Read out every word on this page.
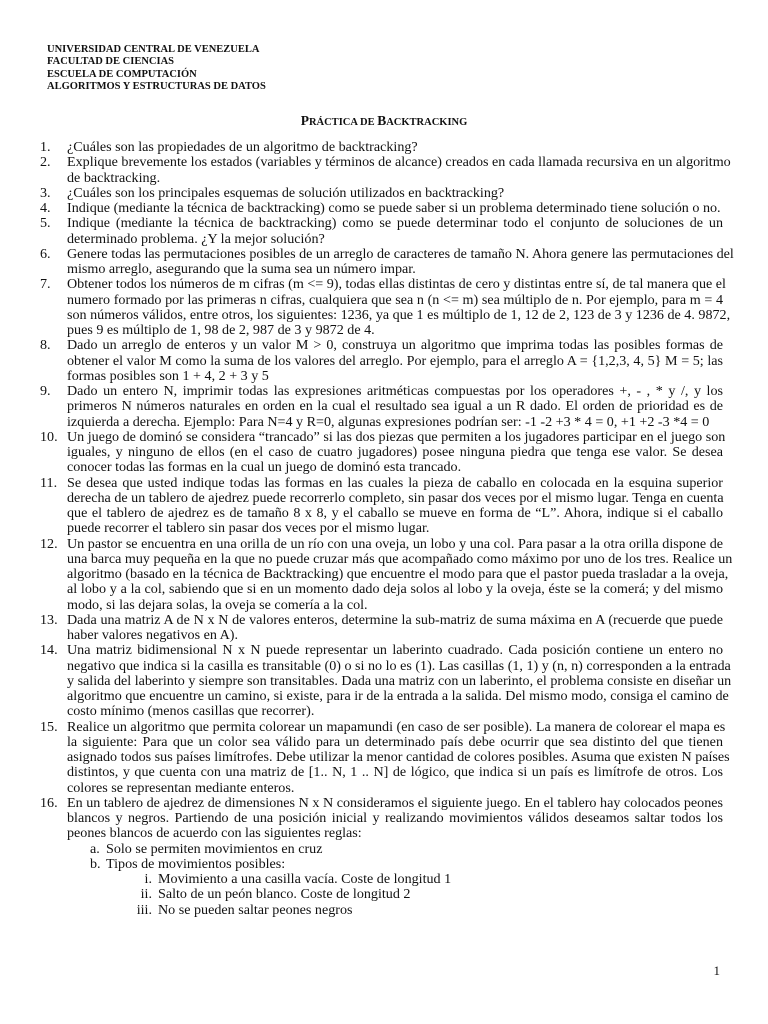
UNIVERSIDAD CENTRAL DE VENEZUELA
FACULTAD DE CIENCIAS
ESCUELA DE COMPUTACIÓN
ALGORITMOS Y ESTRUCTURAS DE DATOS
PRÁCTICA DE BACKTRACKING
1. ¿Cuáles son las propiedades de un algoritmo de backtracking?
2. Explique brevemente los estados (variables y términos de alcance) creados en cada llamada recursiva en un algoritmo
de backtracking.
3. ¿Cuáles son los principales esquemas de solución utilizados en backtracking?
4. Indique (mediante la técnica de backtracking) como se puede saber si un problema determinado tiene solución o no.
5. Indique (mediante la técnica de backtracking) como se puede determinar todo el conjunto de soluciones de un
determinado problema. ¿Y la mejor solución?
6. Genere todas las permutaciones posibles de un arreglo de caracteres de tamaño N. Ahora genere las permutaciones del
mismo arreglo, asegurando que la suma sea un número impar.
7. Obtener todos los números de m cifras (m <= 9), todas ellas distintas de cero y distintas entre sí, de tal manera que el
numero formado por las primeras n cifras, cualquiera que sea n (n <= m) sea múltiplo de n. Por ejemplo, para m = 4
son números válidos, entre otros, los siguientes: 1236, ya que 1 es múltiplo de 1, 12 de 2, 123 de 3 y 1236 de 4. 9872,
pues 9 es múltiplo de 1, 98 de 2, 987 de 3 y 9872 de 4.
8. Dado un arreglo de enteros y un valor M > 0, construya un algoritmo que imprima todas las posibles formas de
obtener el valor M como la suma de los valores del arreglo. Por ejemplo, para el arreglo A = {1,2,3, 4, 5} M = 5; las
formas posibles son 1 + 4, 2 + 3 y 5
9. Dado un entero N, imprimir todas las expresiones aritméticas compuestas por los operadores +, - , * y /, y los
primeros N números naturales en orden en la cual el resultado sea igual a un R dado. El orden de prioridad es de
izquierda a derecha. Ejemplo: Para N=4 y R=0, algunas expresiones podrían ser: -1 -2 +3 * 4 = 0, +1 +2 -3 *4 = 0
10. Un juego de dominó se considera “trancado” si las dos piezas que permiten a los jugadores participar en el juego son
iguales, y ninguno de ellos (en el caso de cuatro jugadores) posee ninguna piedra que tenga ese valor. Se desea
conocer todas las formas en la cual un juego de dominó esta trancado.
11. Se desea que usted indique todas las formas en las cuales la pieza de caballo en colocada en la esquina superior
derecha de un tablero de ajedrez puede recorrerlo completo, sin pasar dos veces por el mismo lugar. Tenga en cuenta
que el tablero de ajedrez es de tamaño 8 x 8, y el caballo se mueve en forma de “L”. Ahora, indique si el caballo
puede recorrer el tablero sin pasar dos veces por el mismo lugar.
12. Un pastor se encuentra en una orilla de un río con una oveja, un lobo y una col. Para pasar a la otra orilla dispone de
una barca muy pequeña en la que no puede cruzar más que acompañado como máximo por uno de los tres. Realice un
algoritmo (basado en la técnica de Backtracking) que encuentre el modo para que el pastor pueda trasladar a la oveja,
al lobo y a la col, sabiendo que si en un momento dado deja solos al lobo y la oveja, éste se la comerá; y del mismo
modo, si las dejara solas, la oveja se comería a la col.
13. Dada una matriz A de N x N de valores enteros, determine la sub-matriz de suma máxima en A (recuerde que puede
haber valores negativos en A).
14. Una matriz bidimensional N x N puede representar un laberinto cuadrado. Cada posición contiene un entero no
negativo que indica si la casilla es transitable (0) o si no lo es (1). Las casillas (1, 1) y (n, n) corresponden a la entrada
y salida del laberinto y siempre son transitables. Dada una matriz con un laberinto, el problema consiste en diseñar un
algoritmo que encuentre un camino, si existe, para ir de la entrada a la salida. Del mismo modo, consiga el camino de
costo mínimo (menos casillas que recorrer).
15. Realice un algoritmo que permita colorear un mapamundi (en caso de ser posible). La manera de colorear el mapa es
la siguiente: Para que un color sea válido para un determinado país debe ocurrir que sea distinto del que tienen
asignado todos sus países limítrofes. Debe utilizar la menor cantidad de colores posibles. Asuma que existen N países
distintos, y que cuenta con una matriz de [1.. N, 1 .. N] de lógico, que indica si un país es limítrofe de otros. Los
colores se representan mediante enteros.
16. En un tablero de ajedrez de dimensiones N x N consideramos el siguiente juego. En el tablero hay colocados peones
blancos y negros. Partiendo de una posición inicial y realizando movimientos válidos deseamos saltar todos los
peones blancos de acuerdo con las siguientes reglas:
a. Solo se permiten movimientos en cruz
b. Tipos de movimientos posibles:
i. Movimiento a una casilla vacía. Coste de longitud 1
ii. Salto de un peón blanco. Coste de longitud 2
iii. No se pueden saltar peones negros
1
